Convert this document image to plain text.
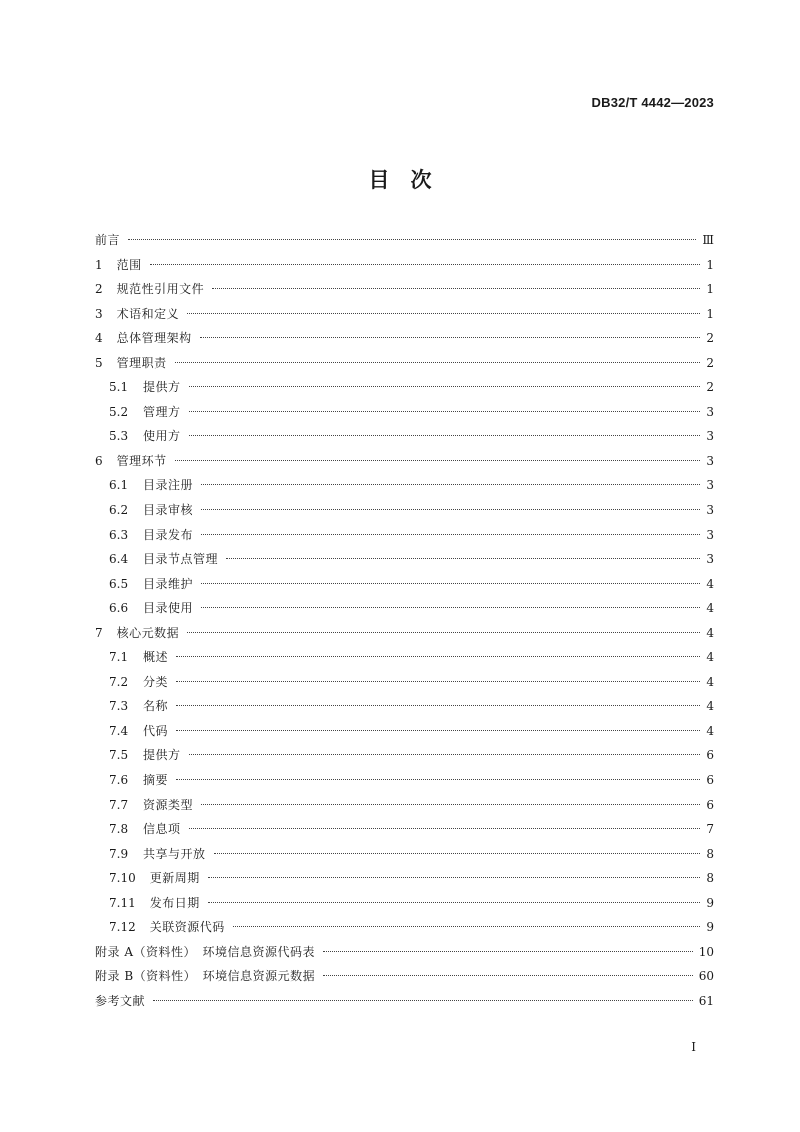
DB32/T 4442—2023
目　次
前言	Ⅲ
1 范围	1
2 规范性引用文件	1
3 术语和定义	1
4 总体管理架构	2
5 管理职责	2
5.1 提供方	2
5.2 管理方	3
5.3 使用方	3
6 管理环节	3
6.1 目录注册	3
6.2 目录审核	3
6.3 目录发布	3
6.4 目录节点管理	3
6.5 目录维护	4
6.6 目录使用	4
7 核心元数据	4
7.1 概述	4
7.2 分类	4
7.3 名称	4
7.4 代码	4
7.5 提供方	6
7.6 摘要	6
7.7 资源类型	6
7.8 信息项	7
7.9 共享与开放	8
7.10 更新周期	8
7.11 发布日期	9
7.12 关联资源代码	9
附录 A（资料性）　环境信息资源代码表	10
附录 B（资料性）　环境信息资源元数据	60
参考文献	61
I
